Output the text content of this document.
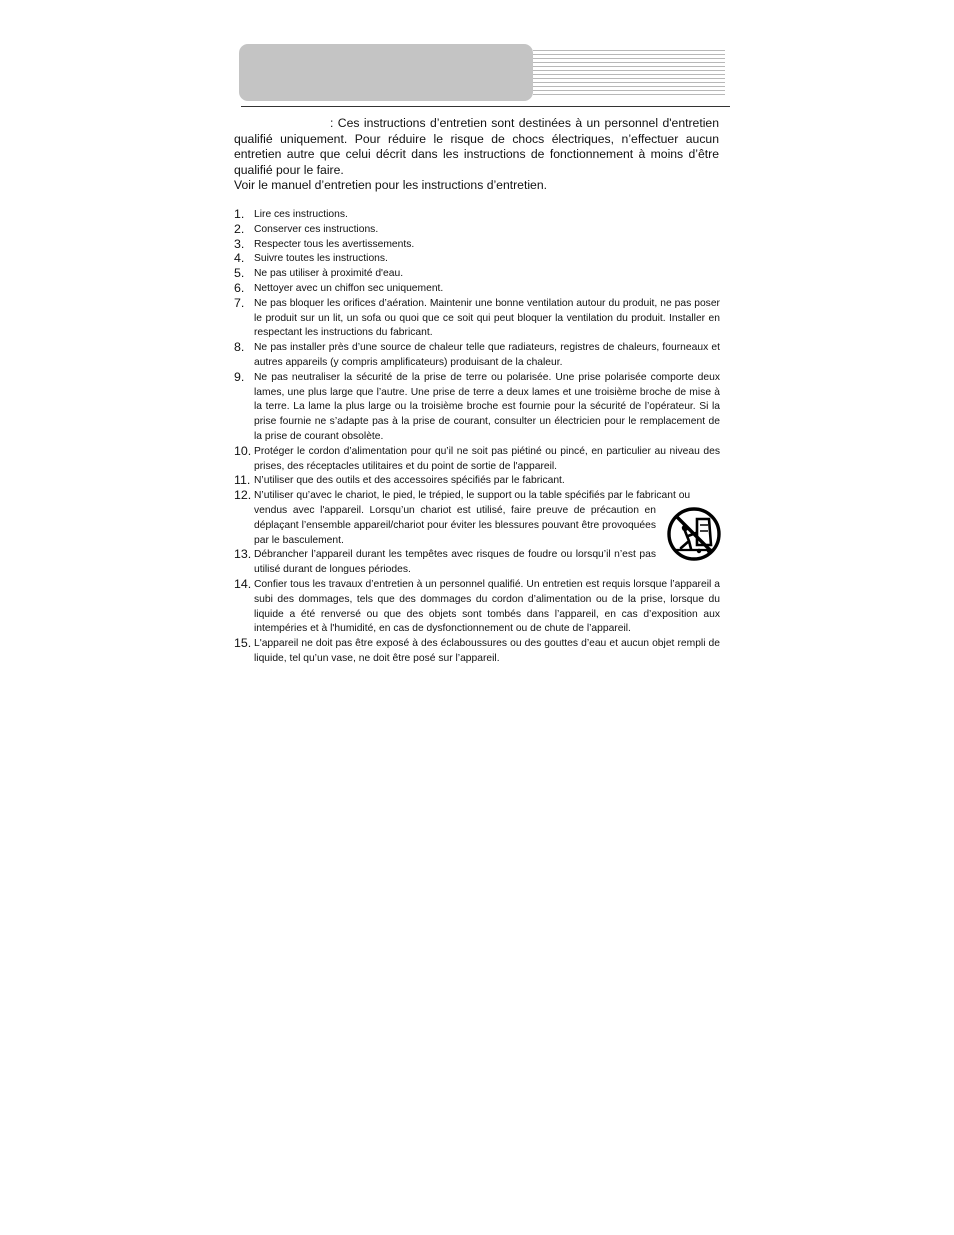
: Ces instructions d’entretien sont destinées à un personnel d'entretien qualifié uniquement. Pour réduire le risque de chocs électriques, n’effectuer aucun entretien autre que celui décrit dans les instructions de fonctionnement à moins d’être qualifié pour le faire.

Voir le manuel d’entretien pour les instructions d’entretien.

1. Lire ces instructions.
2. Conserver ces instructions.
3. Respecter tous les avertissements.
4. Suivre toutes les instructions.
5. Ne pas utiliser à proximité d'eau.
6. Nettoyer avec un chiffon sec uniquement.
7. Ne pas bloquer les orifices d’aération. Maintenir une bonne ventilation autour du produit, ne pas poser le produit sur un lit, un sofa ou quoi que ce soit qui peut bloquer la ventilation du produit. Installer en respectant les instructions du fabricant.
8. Ne pas installer près d’une source de chaleur telle que radiateurs, registres de chaleurs, fourneaux et autres appareils (y compris amplificateurs) produisant de la chaleur.
9. Ne pas neutraliser la sécurité de la prise de terre ou polarisée. Une prise polarisée comporte deux lames, une plus large que l’autre. Une prise de terre a deux lames et une troisième broche de mise à la terre. La lame la plus large ou la troisième broche est fournie pour la sécurité de l’opérateur. Si la prise fournie ne s’adapte pas à la prise de courant, consulter un électricien pour le remplacement de la prise de courant obsolète.
10. Protéger le cordon d’alimentation pour qu’il ne soit pas piétiné ou pincé, en particulier au niveau des prises, des réceptacles utilitaires et du point de sortie de l'appareil.
11. N’utiliser que des outils et des accessoires spécifiés par le fabricant.
12. N’utiliser qu’avec le chariot, le pied, le trépied, le support ou la table spécifiés par le fabricant ou
vendus avec l'appareil. Lorsqu’un chariot est utilisé, faire preuve de précaution en déplaçant l’ensemble appareil/chariot pour éviter les blessures pouvant être provoquées par le basculement.
13. Débrancher l’appareil durant les tempêtes avec risques de foudre ou lorsqu’il n’est pas utilisé durant de longues périodes.
14. Confier tous les travaux d’entretien à un personnel qualifié. Un entretien est requis lorsque l’appareil a subi des dommages, tels que des dommages du cordon d’alimentation ou de la prise, lorsque du liquide a été renversé ou que des objets sont tombés dans l’appareil, en cas d’exposition aux intempéries et à l'humidité, en cas de dysfonctionnement ou de chute de l’appareil.
15. L'appareil ne doit pas être exposé à des éclaboussures ou des gouttes d’eau et aucun objet rempli de liquide, tel qu’un vase, ne doit être posé sur l’appareil.
